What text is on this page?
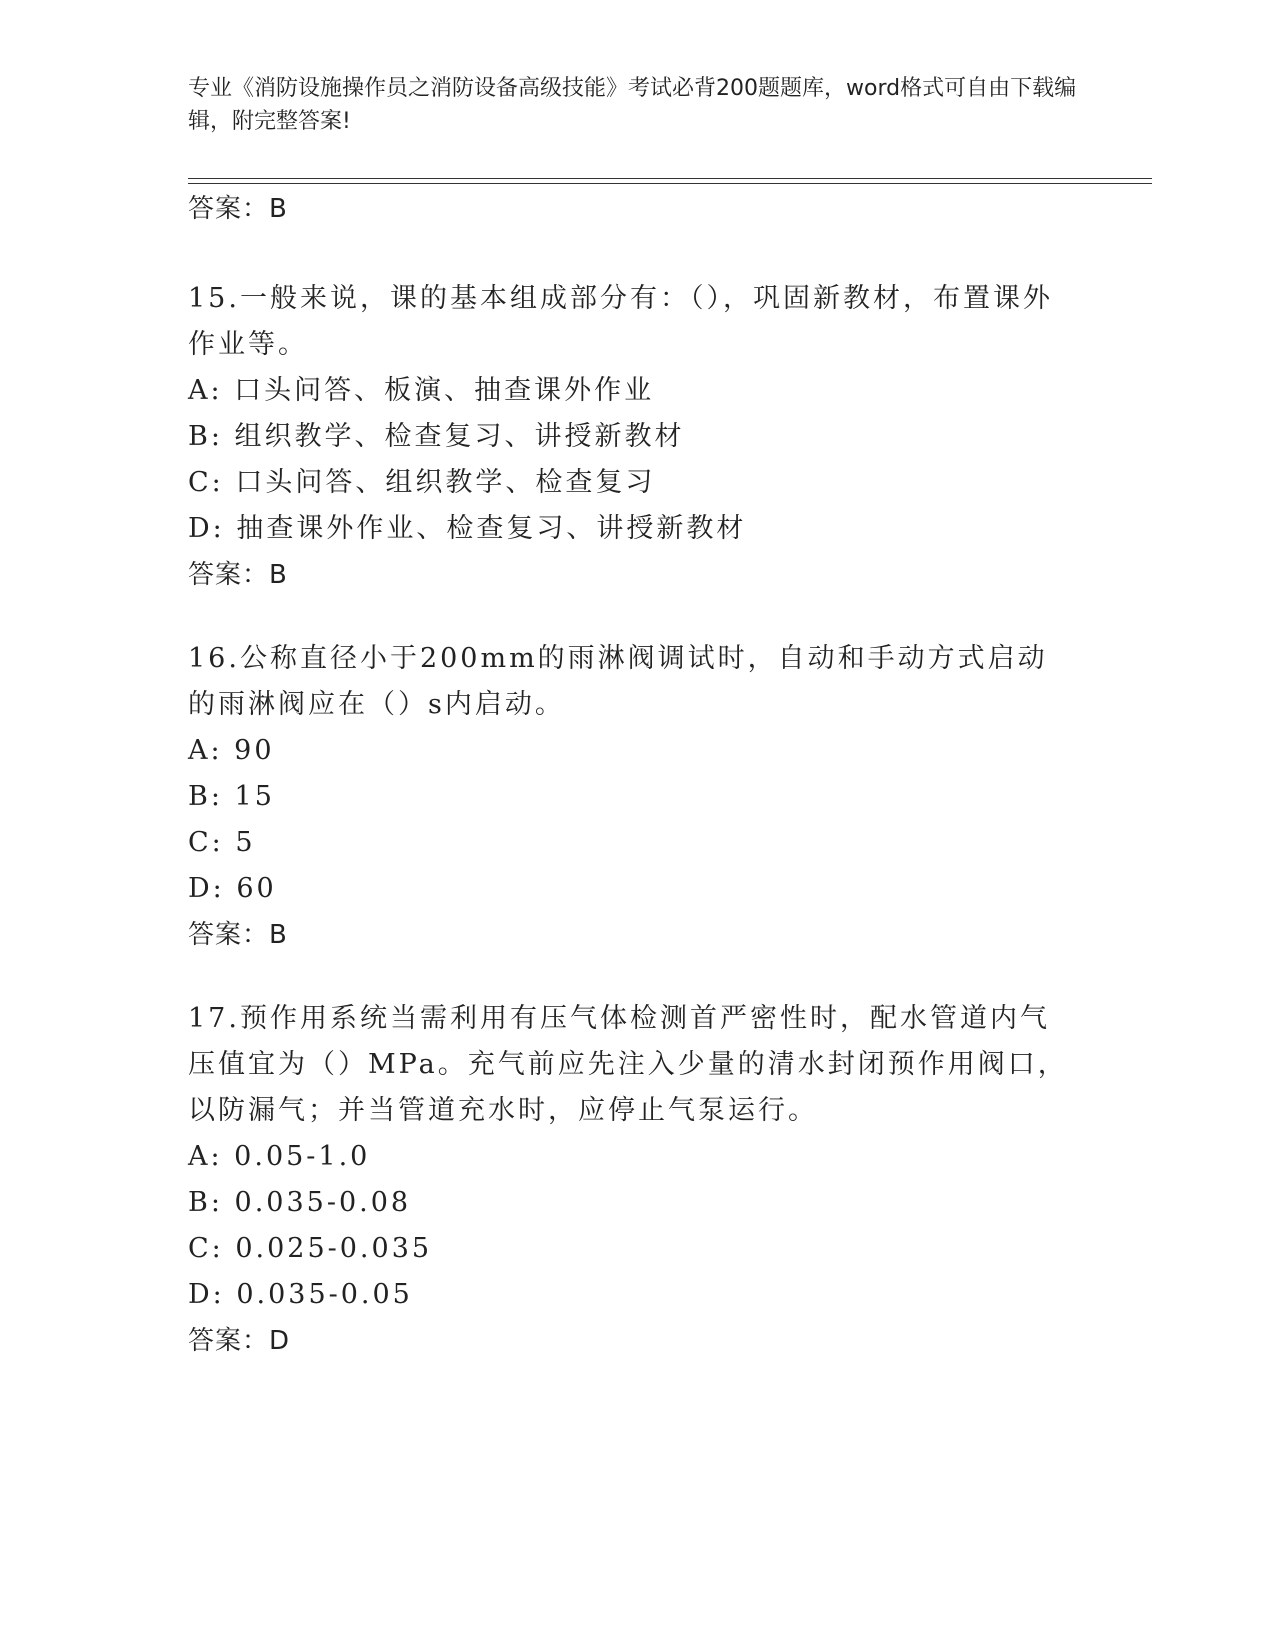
专业《消防设施操作员之消防设备高级技能》考试必背200题题库，word格式可自由下载编辑，附完整答案!
答案：B
15.一般来说，课的基本组成部分有：（），巩固新教材，布置课外作业等。
A: 口头问答、板演、抽查课外作业
B: 组织教学、检查复习、讲授新教材
C: 口头问答、组织教学、检查复习
D: 抽查课外作业、检查复习、讲授新教材
答案：B
16.公称直径小于200mm的雨淋阀调试时，自动和手动方式启动的雨淋阀应在（）s内启动。
A: 90
B: 15
C: 5
D: 60
答案：B
17.预作用系统当需利用有压气体检测首严密性时，配水管道内气压值宜为（）MPa。充气前应先注入少量的清水封闭预作用阀口，以防漏气；并当管道充水时，应停止气泵运行。
A: 0.05-1.0
B: 0.035-0.08
C: 0.025-0.035
D: 0.035-0.05
答案：D
